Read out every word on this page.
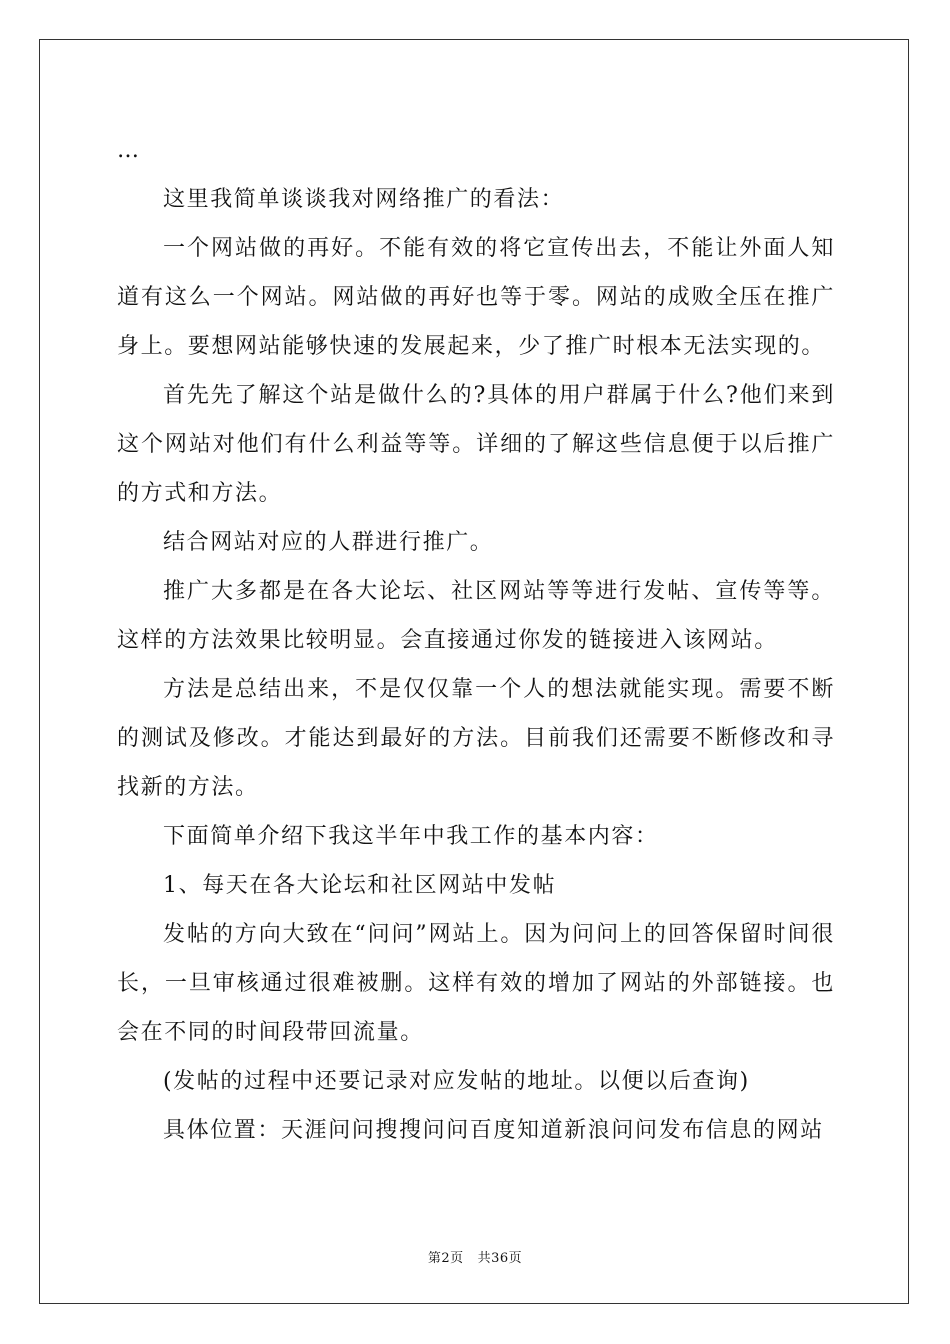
…

这里我简单谈谈我对网络推广的看法：

一个网站做的再好。不能有效的将它宣传出去，不能让外面人知道有这么一个网站。网站做的再好也等于零。网站的成败全压在推广身上。要想网站能够快速的发展起来，少了推广时根本无法实现的。

首先先了解这个站是做什么的?具体的用户群属于什么?他们来到这个网站对他们有什么利益等等。详细的了解这些信息便于以后推广的方式和方法。

结合网站对应的人群进行推广。

推广大多都是在各大论坛、社区网站等等进行发帖、宣传等等。这样的方法效果比较明显。会直接通过你发的链接进入该网站。

方法是总结出来，不是仅仅靠一个人的想法就能实现。需要不断的测试及修改。才能达到最好的方法。目前我们还需要不断修改和寻找新的方法。

下面简单介绍下我这半年中我工作的基本内容：

1、每天在各大论坛和社区网站中发帖

发帖的方向大致在“问问”网站上。因为问问上的回答保留时间很长，一旦审核通过很难被删。这样有效的增加了网站的外部链接。也会在不同的时间段带回流量。

(发帖的过程中还要记录对应发帖的地址。以便以后查询)

具体位置：天涯问问搜搜问问百度知道新浪问问发布信息的网站

第2页 共36页
